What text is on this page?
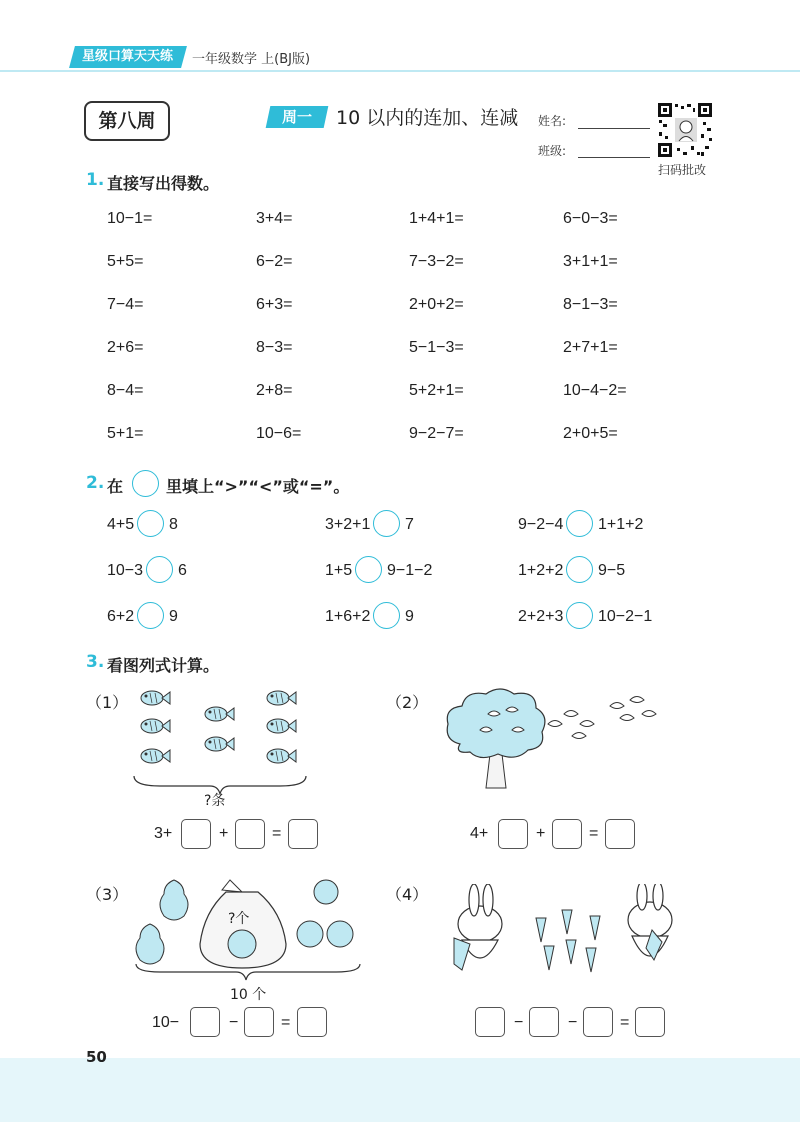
星级口算天天练	一年级数学 上(BJ版)
第八周	周一	10 以内的连加、连减 姓名:
班级:
扫码批改
1. 直接写出得数。
10−1=	3+4=	1+4+1=	6−0−3=
5+5=	6−2=	7−3−2=	3+1+1=
7−4=	6+3=	2+0+2=	8−1−3=
2+6=	8−3=	5−1−3=	2+7+1=
8−4=	2+8=	5+2+1=	10−4−2=
5+1=	10−6=	9−2−7=	2+0+5=
2. 在	里填上“>”“<”或“=”。
4+5 8	3+2+1 7	9−2−4 1+1+2
10−3 6	1+5 9−1−2	1+2+2 9−5
6+2 9	1+6+2 9	2+2+3 10−2−1
3. 看图列式计算。
（1）
?条
3+	+	=
（2）
4+	+	=
（3）
?个
10 个
10−	−	=
（4）
−	−	=
50
